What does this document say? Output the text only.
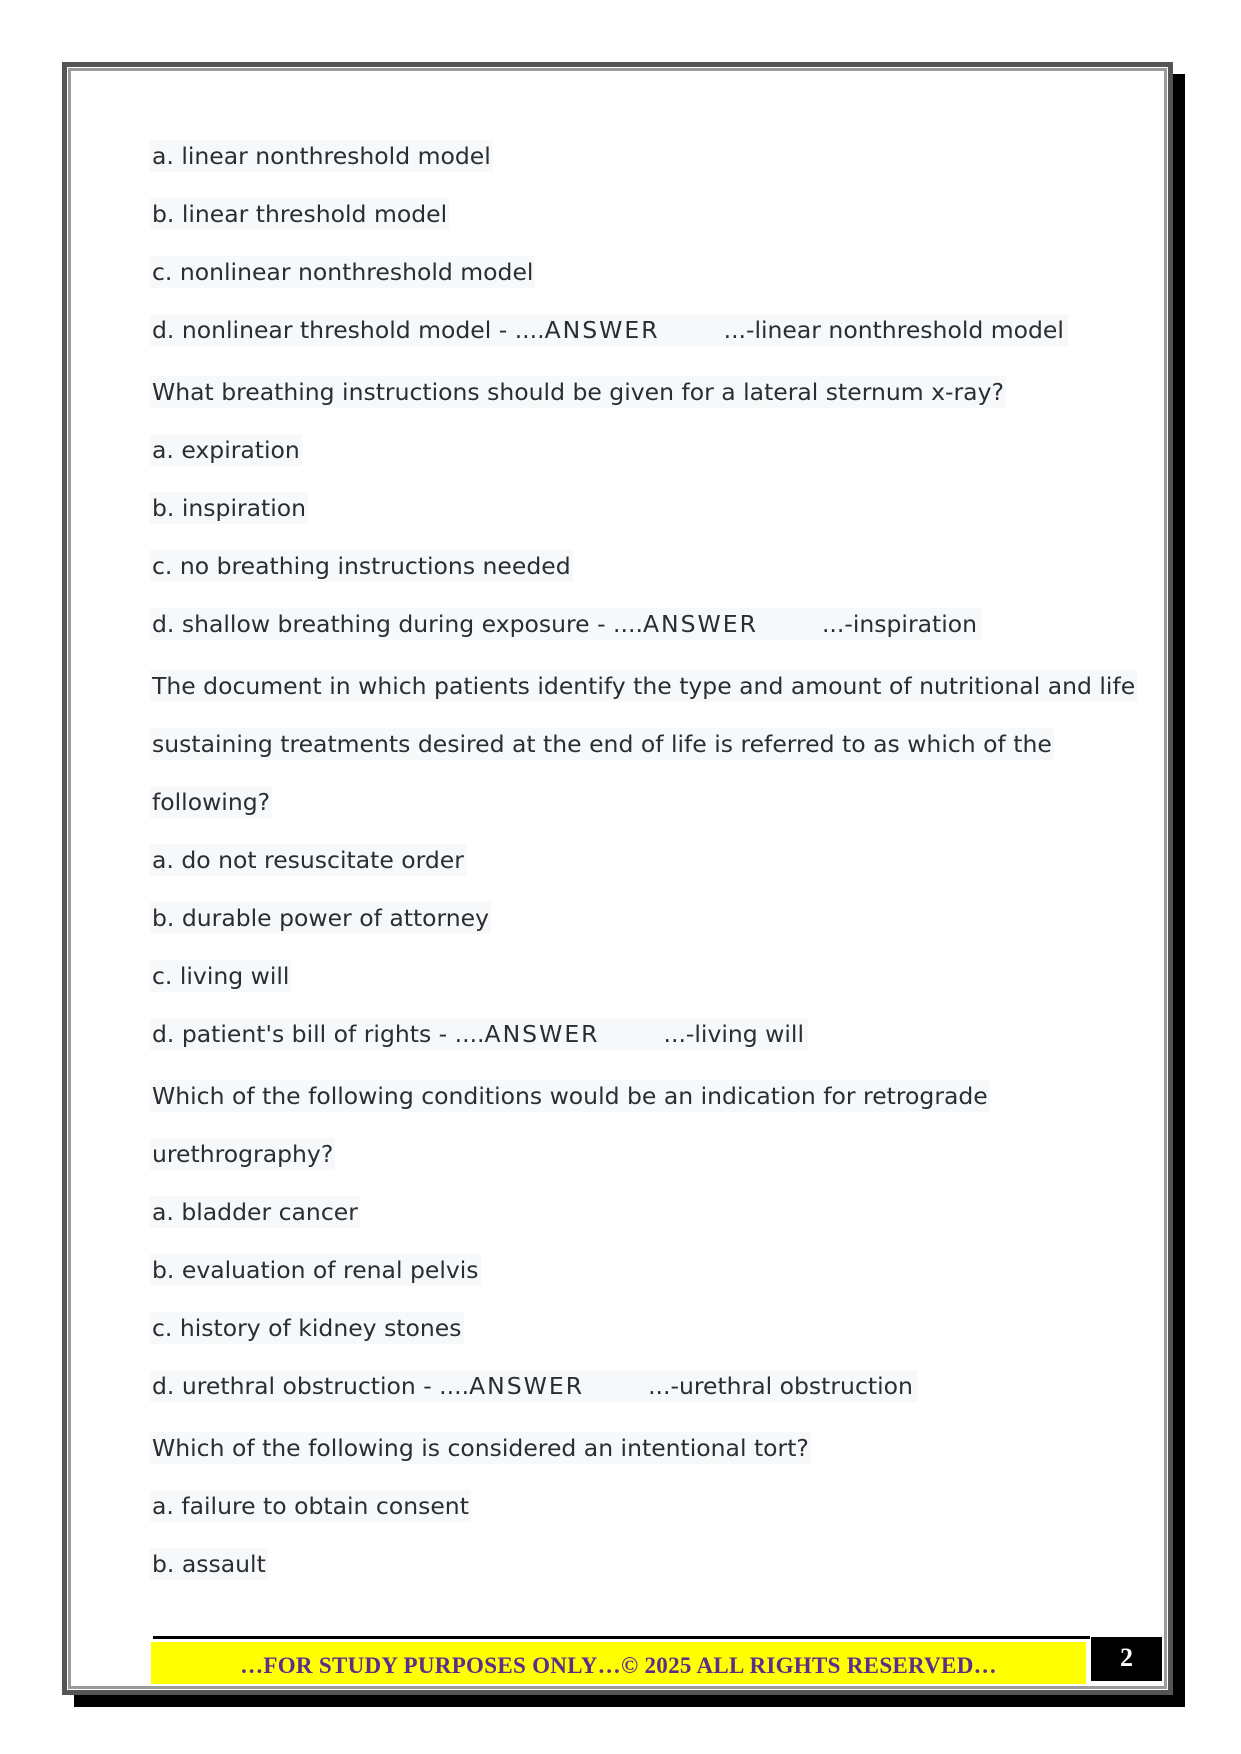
a. linear nonthreshold model
b. linear threshold model
c. nonlinear nonthreshold model
d. nonlinear threshold model - ....ANSWER	...-linear nonthreshold model
What breathing instructions should be given for a lateral sternum x-ray?
a. expiration
b. inspiration
c. no breathing instructions needed
d. shallow breathing during exposure - ....ANSWER	...-inspiration
The document in which patients identify the type and amount of nutritional and life
sustaining treatments desired at the end of life is referred to as which of the
following?
a. do not resuscitate order
b. durable power of attorney
c. living will
d. patient's bill of rights - ....ANSWER	...-living will
Which of the following conditions would be an indication for retrograde
urethrography?
a. bladder cancer
b. evaluation of renal pelvis
c. history of kidney stones
d. urethral obstruction - ....ANSWER	...-urethral obstruction
Which of the following is considered an intentional tort?
a. failure to obtain consent
b. assault
…FOR STUDY PURPOSES ONLY…© 2025 ALL RIGHTS RESERVED…	2
